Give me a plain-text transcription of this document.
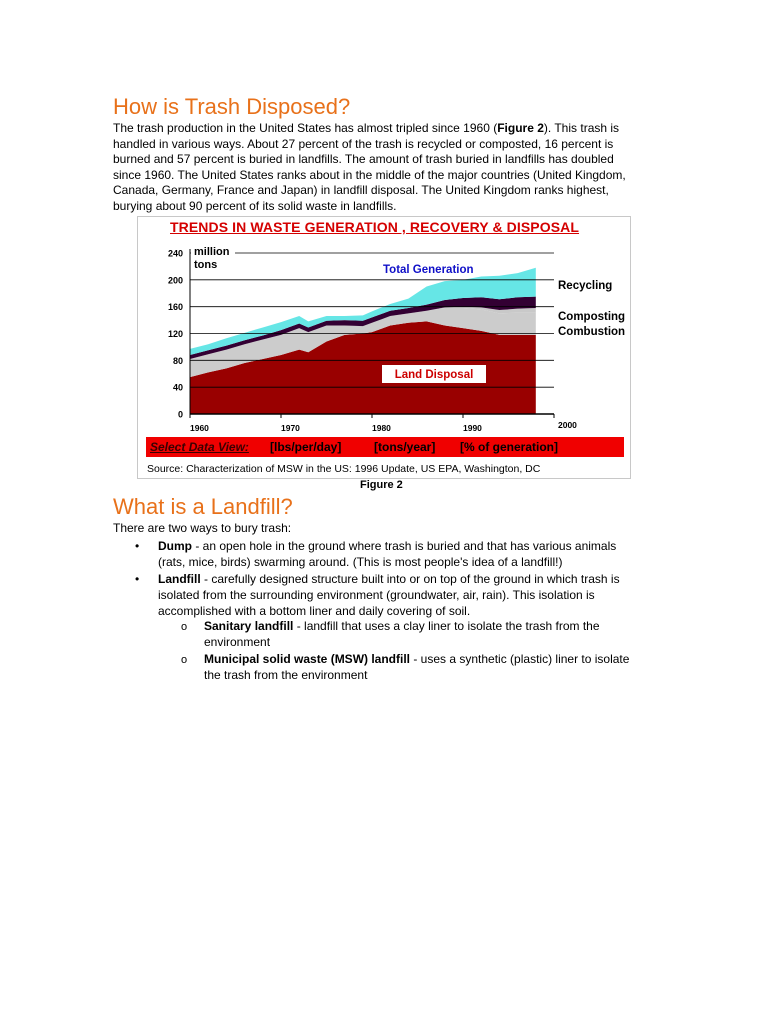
How is Trash Disposed?

The trash production in the United States has almost tripled since 1960 (Figure 2). This trash is handled in various ways. About 27 percent of the trash is recycled or composted, 16 percent is burned and 57 percent is buried in landfills. The amount of trash buried in landfills has doubled since 1960. The United States ranks about in the middle of the major countries (United Kingdom, Canada, Germany, France and Japan) in landfill disposal. The United Kingdom ranks highest, burying about 90 percent of its solid waste in landfills.

0
40
80
120
160
200
240
1960	1970	1980	1990	2000
million
tons	Total Generation
Recycling
Composting
Combustion
Land Disposal
TRENDS IN WASTE GENERATION , RECOVERY & DISPOSAL
Select Data View: [lbs/per/day]	[tons/year] [% of generation]
Source: Characterization of MSW in the US: 1996 Update, US EPA, Washington, DC
Figure 2
What is a Landfill?
There are two ways to bury trash:
• Dump - an open hole in the ground where trash is buried and that has various animals (rats, mice, birds) swarming around. (This is most people's idea of a landfill!)
• Landfill - carefully designed structure built into or on top of the ground in which trash is isolated from the surrounding environment (groundwater, air, rain). This isolation is accomplished with a bottom liner and daily covering of soil.
o Sanitary landfill - landfill that uses a clay liner to isolate the trash from the environment
o Municipal solid waste (MSW) landfill - uses a synthetic (plastic) liner to isolate the trash from the environment
